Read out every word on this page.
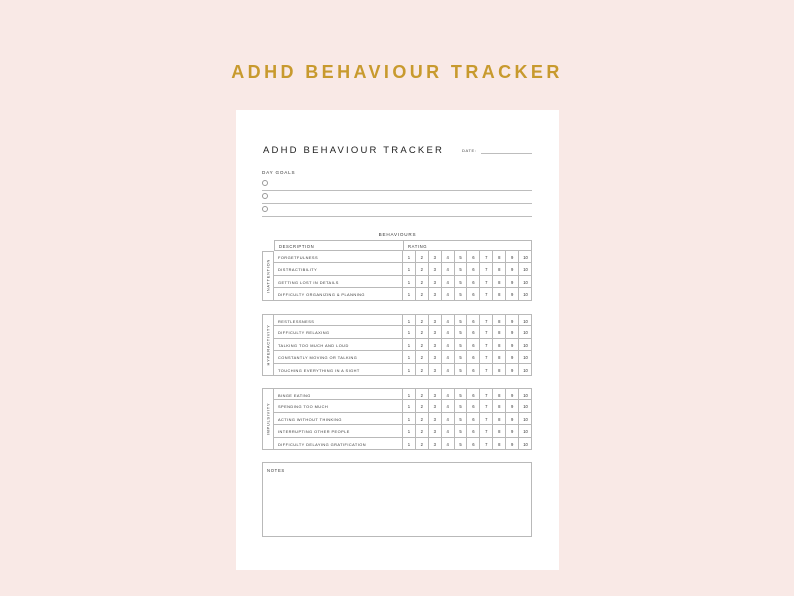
ADHD BEHAVIOUR TRACKER
ADHD BEHAVIOUR TRACKER	DATE:
DAY GOALS
BEHAVIOURS
DESCRIPTION	RATING
INATTENTION
FORGETFULNESS	1	2	3	4	5	6	7	8	9	10
DISTRACTIBILITY	1	2	3	4	5	6	7	8	9	10
GETTING LOST IN DETAILS	1	2	3	4	5	6	7	8	9	10
DIFFICULTY ORGANIZING & PLANNING	1	2	3	4	5	6	7	8	9	10
HYPERACTIVITY
RESTLESSNESS	1	2	3	4	5	6	7	8	9	10
DIFFICULTY RELAXING	1	2	3	4	5	6	7	8	9	10
TALKING TOO MUCH AND LOUD	1	2	3	4	5	6	7	8	9	10
CONSTANTLY MOVING OR TALKING	1	2	3	4	5	6	7	8	9	10
TOUCHING EVERYTHING IN A SIGHT	1	2	3	4	5	6	7	8	9	10
IMPULSIVITY
BINGE EATING	1	2	3	4	5	6	7	8	9	10
SPENDING TOO MUCH	1	2	3	4	5	6	7	8	9	10
ACTING WITHOUT THINKING	1	2	3	4	5	6	7	8	9	10
INTERRUPTING OTHER PEOPLE	1	2	3	4	5	6	7	8	9	10
DIFFICULTY DELAYING GRATIFICATION	1	2	3	4	5	6	7	8	9	10
NOTES
